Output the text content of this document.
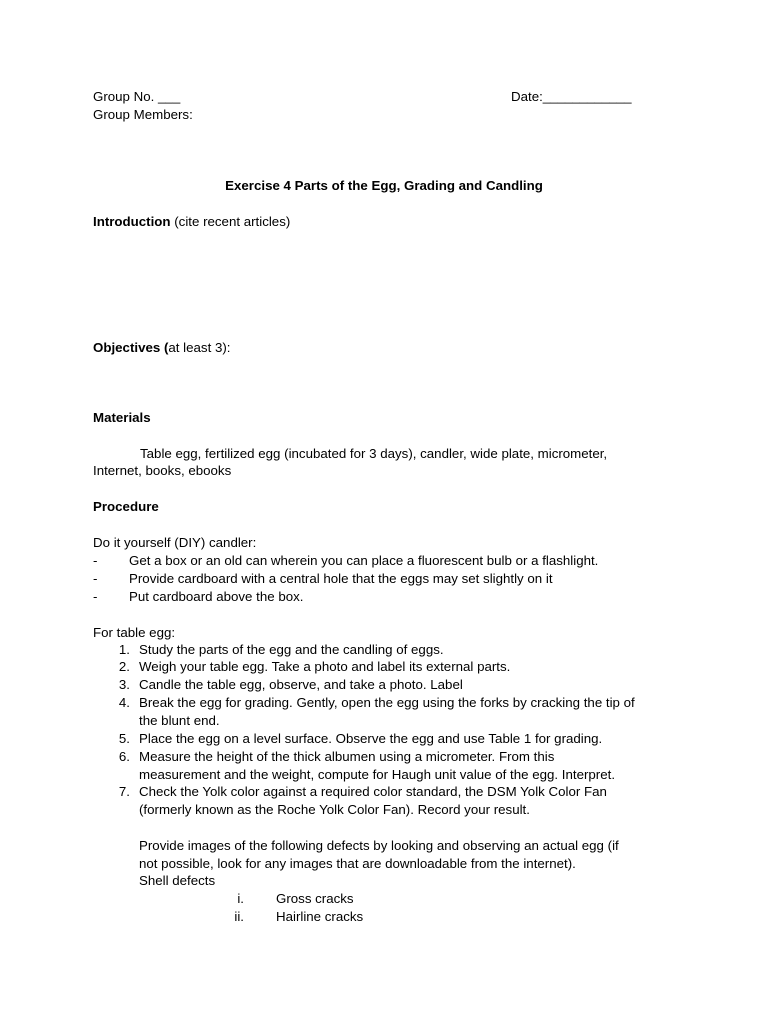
Group No. ___	Date:____________
Group Members:
Exercise 4 Parts of the Egg, Grading and Candling
Introduction (cite recent articles)
Objectives (at least 3):
Materials
Table egg, fertilized egg (incubated for 3 days), candler, wide plate, micrometer,
Internet, books, ebooks
Procedure
Do it yourself (DIY) candler:
- Get a box or an old can wherein you can place a fluorescent bulb or a flashlight.
- Provide cardboard with a central hole that the eggs may set slightly on it
- Put cardboard above the box.
For table egg:
1. Study the parts of the egg and the candling of eggs.
2. Weigh your table egg. Take a photo and label its external parts.
3. Candle the table egg, observe, and take a photo. Label
4. Break the egg for grading. Gently, open the egg using the forks by cracking the tip of
the blunt end.
5. Place the egg on a level surface. Observe the egg and use Table 1 for grading.
6. Measure the height of the thick albumen using a micrometer. From this
measurement and the weight, compute for Haugh unit value of the egg. Interpret.
7. Check the Yolk color against a required color standard, the DSM Yolk Color Fan
(formerly known as the Roche Yolk Color Fan). Record your result.
Provide images of the following defects by looking and observing an actual egg (if
not possible, look for any images that are downloadable from the internet).
Shell defects
i. Gross cracks
ii. Hairline cracks
